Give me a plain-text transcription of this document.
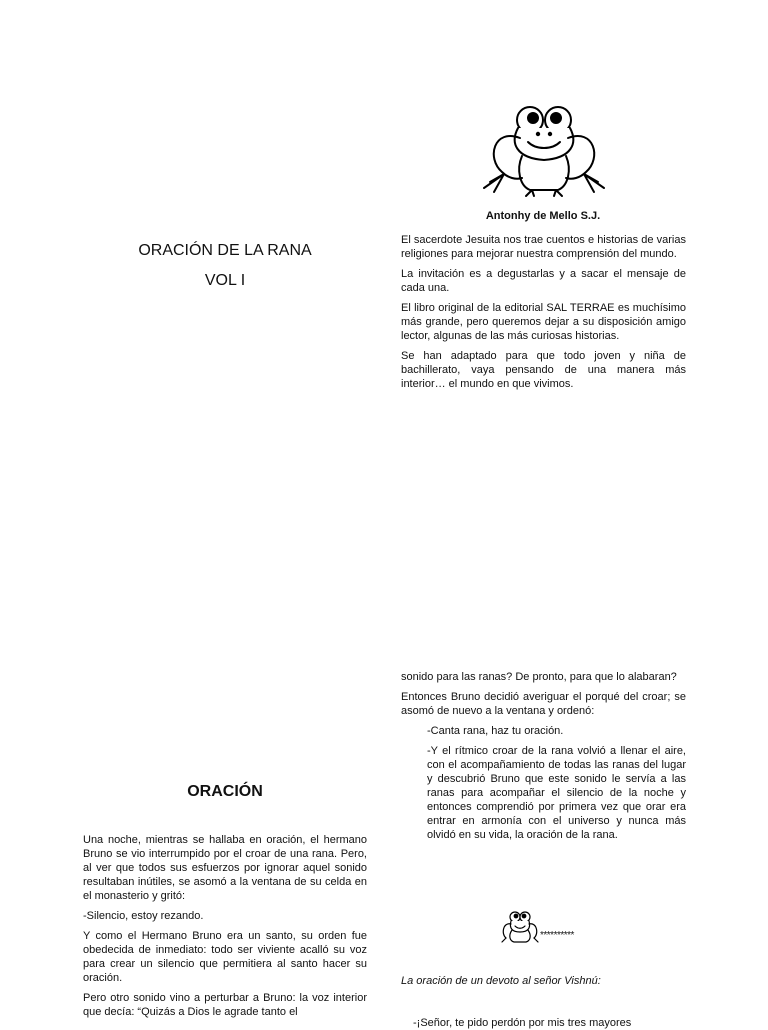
Antonhy de Mello S.J.
ORACIÓN DE LA RANA
VOL I

El sacerdote Jesuita nos trae cuentos e historias de varias religiones para mejorar nuestra comprensión del mundo.

La invitación es a degustarlas y a sacar el mensaje de cada una.

El libro original de la editorial SAL TERRAE es muchísimo más grande, pero queremos dejar a su disposición amigo lector, algunas de las más curiosas historias.

Se han adaptado para que todo joven y niña de bachillerato, vaya pensando de una manera más interior… el mundo en que vivimos.

ORACIÓN

Una noche, mientras se hallaba en oración, el hermano Bruno se vio interrumpido por el croar de una rana. Pero, al ver que todos sus esfuerzos por ignorar aquel sonido resultaban inútiles, se asomó a la ventana de su celda en el monasterio y gritó:

-Silencio, estoy rezando.

Y como el Hermano Bruno era un santo, su orden fue obedecida de inmediato: todo ser viviente acalló su voz para crear un silencio que permitiera al santo hacer su oración.

Pero otro sonido vino a perturbar a Bruno: la voz interior que decía: “Quizás a Dios le agrade tanto el

sonido para las ranas? De pronto, para que lo alabaran?

Entonces Bruno decidió averiguar el porqué del croar; se asomó de nuevo a la ventana y ordenó:

-Canta rana, haz tu oración.

-Y el rítmico croar de la rana volvió a llenar el aire, con el acompañamiento de todas las ranas del lugar y descubrió Bruno que este sonido le servía a las ranas para acompañar el silencio de la noche y entonces comprendió por primera vez que orar era entrar en armonía con el universo y nunca más olvidó en su vida, la oración de la rana.

**********
La oración de un devoto al señor Vishnú:
-¡Señor, te pido perdón por mis tres mayores
